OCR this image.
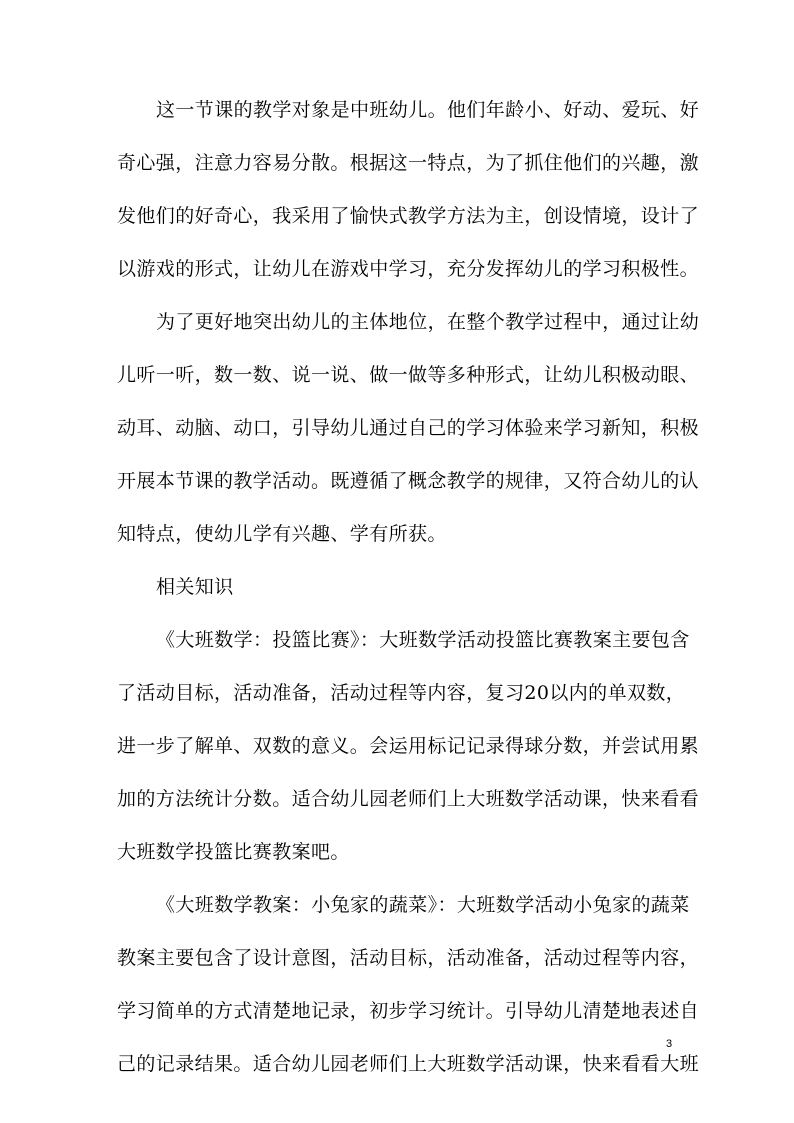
这一节课的教学对象是中班幼儿。他们年龄小、好动、爱玩、好
奇心强，注意力容易分散。根据这一特点，为了抓住他们的兴趣，激
发他们的好奇心，我采用了愉快式教学方法为主，创设情境，设计了
以游戏的形式，让幼儿在游戏中学习，充分发挥幼儿的学习积极性。
为了更好地突出幼儿的主体地位，在整个教学过程中，通过让幼
儿听一听，数一数、说一说、做一做等多种形式，让幼儿积极动眼、
动耳、动脑、动口，引导幼儿通过自己的学习体验来学习新知，积极
开展本节课的教学活动。既遵循了概念教学的规律，又符合幼儿的认
知特点，使幼儿学有兴趣、学有所获。
相关知识
《大班数学：投篮比赛》：大班数学活动投篮比赛教案主要包含
了活动目标，活动准备，活动过程等内容，复习20以内的单双数，
进一步了解单、双数的意义。会运用标记记录得球分数，并尝试用累
加的方法统计分数。适合幼儿园老师们上大班数学活动课，快来看看
大班数学投篮比赛教案吧。
《大班数学教案：小兔家的蔬菜》：大班数学活动小兔家的蔬菜
教案主要包含了设计意图，活动目标，活动准备，活动过程等内容，
学习简单的方式清楚地记录，初步学习统计。引导幼儿清楚地表述自
己的记录结果。适合幼儿园老师们上大班数学活动课，快来看看大班
3
